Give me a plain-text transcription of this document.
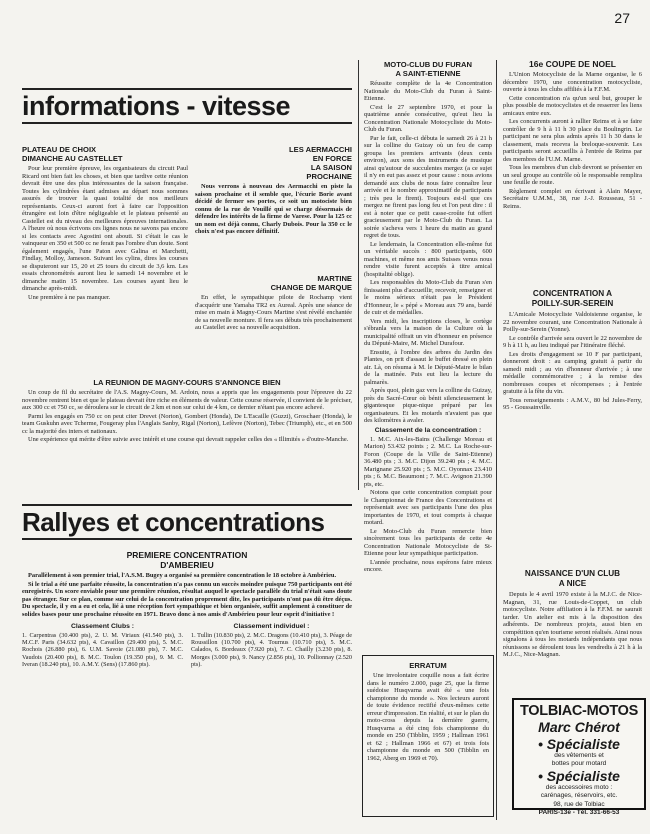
27
informations - vitesse
PLATEAU DE CHOIX
DIMANCHE AU CASTELLET

Pour leur première épreuve, les organisateurs du circuit Paul Ricard ont bien fait les choses, et bien que tardive cette réunion devrait être une des plus intéressantes de la saison française. Toutes les cylindrées étant admises au départ nous sommes assurés de trouver la quasi totalité de nos meilleurs représentants. Ceux-ci auront fort à faire car l'opposition étrangère est loin d'être négligeable et le plateau présenté au Castellet est du niveau des meilleures épreuves internationales. A l'heure où nous écrivons ces lignes nous ne savons pas encore si les contacts avec Agostini ont abouti. Si c'était le cas le vainqueur en 350 et 500 cc ne ferait pas l'ombre d'un doute. Sont également engagés, l'une Paton avec Galina et Marchetti, Findlay, Molloy, Jameson. Suivant les cylins, dires les courses se disputeront sur 15, 20 et 25 tours du circuit de 3,6 km. Les essais chronométrés auront lieu le samedi 14 novembre et le dimanche matin 15 novembre. Les courses ayant lieu le dimanche après-midi.

Une première à ne pas manquer.

LES AERMACCHI
EN FORCE
LA SAISON
PROCHAINE

Nous verrons à nouveau des Aermacchi en piste la saison prochaine et il semble que, l'écurie Borie avant décidé de fermer ses portes, ce soit un motociste bien connu de la rue de Vouillé qui se charge désormais de défendre les intérêts de la firme de Varese. Pour la 125 cc un nom est déjà connu, Charly Dubois. Pour la 350 cc le choix n'est pas encore définitif.

MARTINE
CHANGE DE MARQUE

En effet, le sympathique pilote de Rochamp vient d'acquérir une Yamaha TR2 ex Aureal. Après une séance de mise en main à Magny-Cours Martine s'est révélé enchantée de sa nouvelle monture. Il fera ses débuts très prochainement au Castellet avec sa nouvelle acquisition.

LA REUNION DE MAGNY-COURS S'ANNONCE BIEN

Un coup de fil du secrétaire de l'A.S. Magny-Cours, M. Ardoin, nous a appris que les engagements pour l'épreuve du 22 novembre rentrent bien et que le plateau devrait être riche en éléments de valeur. Cette course réservée, il convient de le préciser, aux 300 cc et 750 cc, se déroulera sur le circuit de 2 km et non sur celui de 4 km, ce dernier n'étant pas encore achevé.

Parmi les engagés en 750 cc on peut citer Drevet (Norton), Gombert (Honda), De L'Escaille (Guzzi), Groschaer (Honda), le team Guskuhn avec Tcherme, Fougeray plus l'Anglais Sanby, Rigal (Norton), Lefèvre (Norton), Tebec (Triumph), etc., et en 500 cc la majorité des inters et nationaux.

Une expérience qui mérite d'être suivie avec intérêt et une course qui devrait rappeler celles des « Illimités » d'outre-Manche.

Rallyes et concentrations
PREMIERE CONCENTRATION
D'AMBERIEU

Parallèlement à son premier trial, l'A.S.M. Bugey a organisé sa première concentration le 18 octobre à Ambérieu.

Si le trial a été une parfaite réussite, la concentration n'a pas connu un succès moindre puisque 750 participants ont été enregistrés. Un score enviable pour une première réunion, résultat auquel le spectacle parallèle du trial n'était sans doute pas étranger. Sur ce plan, comme sur celui de la concentration proprement dite, les participants n'ont pas dû être déçus. Du spectacle, il y en a eu et cela, lié à une réception fort sympathique et bien organisée, suffit amplement à constituer de solides bases pour une prochaine réussite en 1971. Bravo donc à nos amis d'Ambérieu pour leur esprit d'initiative !

Classement Clubs :
1. Carpentras (30.400 pts), 2. U. M. Viriaux (41.540 pts), 3. M.C.F. Paris (34.632 pts), 4. Cavaillon (29.400 pts), 5. M.C. Rochois (26.880 pts), 6. U.M. Savoie (21.080 pts), 7. M.C. Vaudois (20.400 pts), 8. M.C. Toulon (19.350 pts), 9. M. C. Iveran (18.240 pts), 10. A.M.Y. (Sens) (17.860 pts).
Classement individuel :
1. Tullin (10.830 pts), 2. M.C. Dragons (10.410 pts), 3. Péage de Roussillon (10.700 pts), 4. Tournus (10.710 pts), 5. M.C. Calados, 6. Bordeaux (7.920 pts), 7. C. Chailly (3.230 pts), 8. Morges (3.000 pts), 9. Nancy (2.856 pts), 10. Pollionnay (2.520 pts).
MOTO-CLUB DU FURAN
A SAINT-ETIENNE

Réussite complète de la 4e Concentration Nationale du Moto-Club du Furan à Saint-Etienne.

C'est le 27 septembre 1970, et pour la quatrième année consécutive, qu'eut lieu la Concentration Nationale Motocycliste du Moto-Club du Furan.

Par le fait, celle-ci débuta le samedi 26 à 21 h sur la colline du Guizay où un feu de camp groupa les premiers arrivants (deux cents environ), aux sons des instruments de musique ainsi qu'autour de succulentes mergez (a ce sujet il n'y en eut pas assez et pour cause : nous avions demandé aux clubs de nous faire connaître leur arrivée et le nombre approximatif de participants ; très peu le firent). Toujours est-il que ces mergez ne firent pas long feu et l'on peut dire : il est à noter que ce petit casse-croûte fut offert gracieusement par le Moto-Club du Furan. La soirée s'acheva vers 1 heure du matin au grand regret de tous.

Le lendemain, la Concentration elle-même fut un véritable succès : 800 participants, 600 machines, et même nos amis Suisses venus nous rendre visite furent acceptés à titre amical (hospitalité oblige).

Les responsables du Moto-Club du Furan s'en finissaient plus d'accueillir, recevoir, renseigner et le moins sérieux n'était pas le Président d'Honneur, le « pépé » Moreau aux 79 ans, bardé de cuir et de médailles.

Vers midi, les inscriptions closes, le cortège s'ébranla vers la maison de la Culture où la municipalité offrait un vin d'honneur en présence du Député-Maire, M. Michel Durafour.

Ensuite, à l'ombre des arbres du Jardin des Plantes, on prit d'assaut le buffet dressé en plein air. Là, on résuma à M. le Député-Maire le bilan de la matinée. Puis eut lieu la lecture du palmarès.

Après quoi, plein gaz vers la colline du Guizay, près du Sacré-Cœur où bénit silencieusement le gigantesque pique-nique préparé par les organisateurs. Et les motards n'avaient pas que des kilomètres à avaler.

Classement de la concentration :

1. M.C. Aix-les-Bains (Challenge Moreau et Marion) 53.432 points ; 2. M.C. La Roche-sur-Foron (Coupe de la Ville de Saint-Etienne) 36.480 pts ; 3. M.C. Dijon 39.240 pts ; 4. M.C. Marignane 25.920 pts ; 5. M.C. Oyonnax 23.410 pts ; 6. M.C. Beaumont ; 7. M.C. Avignon 21.390 pts, etc.

Notons que cette concentration comptait pour le Championnat de France des Concentrations et représentait avec ses participants l'une des plus importantes de 1970, et tout compris à chaque motard.

Le Moto-Club du Furan remercie bien sincèrement tous les participants de cette 4e Concentration Nationale Motocycliste de St-Etienne pour leur sympathique participation.

L'année prochaine, nous espérons faire mieux encore.

ERRATUM

Une involontaire coquille nous a fait écrire dans le numéro 2.000, page 25, que la firme suédoise Husqvarna avait été « une fois championne du monde ». Nos lecteurs auront de toute évidence rectifié d'eux-mêmes cette erreur d'impression. En réalité, et sur le plan du moto-cross depuis la dernière guerre, Husqvarna a été cinq fois championne du monde en 250 (Tibblin, 1959 ; Hallman 1961 et 62 ; Hallman 1966 et 67) et trois fois championne du monde en 500 (Tibblin en 1962, Aberg en 1969 et 70).

16e COUPE DE NOEL

L'Union Motocycliste de la Marne organise, le 6 décembre 1970, une concentration motocycliste, ouverte à tous les clubs affiliés à la F.F.M.

Cette concentration n'a qu'un seul but, grouper le plus possible de motocyclistes et de resserrer les liens amicaux entre eux.

Les concurrents auront à rallier Reims et à se faire contrôler de 9 h à 11 h 30 place du Boulingrin. Le participant ne sera plus admis après 11 h 30 dans le classement, mais recevra la breloque-souvenir. Les participants seront accueillis à l'entrée de Reims par des membres de l'U.M. Marne.

Tous les membres d'un club devront se présenter en un seul groupe au contrôle où le responsable remplira une feuille de route.

Règlement complet en écrivant à Alain Mayer, Secrétaire U.M.M., 38, rue J.-J. Rousseau, 51 - Reims.

CONCENTRATION A
POILLY-SUR-SEREIN

L'Amicale Motocycliste Valdoisienne organise, le 22 novembre courant, une Concentration Nationale à Poilly-sur-Serein (Yonne).

Le contrôle d'arrivée sera ouvert le 22 novembre de 9 h à 11 h, au lieu indiqué par l'itinéraire fléché.

Les droits d'engagement se 10 F par participant, donneront droit : au camping gratuit à partir du samedi midi ; au vin d'honneur d'arrivée ; à une médaille commémorative ; à la remise des nombreuses coupes et récompenses ; à l'entrée gratuite à la fête du vin.

Tous renseignements : A.M.V., 80 bd Jules-Ferry, 95 - Goussainville.

NAISSANCE D'UN CLUB
A NICE

Depuis le 4 avril 1970 existe à la M.J.C. de Nice-Magnan, 31, rue Louis-de-Coppet, un club motocycliste. Notre affiliation à la F.F.M. ne saurait tarder. Un atelier est mis à la disposition des adhérents. De nombreux projets, aussi bien en compétition qu'en tourisme seront réalisés. Ainsi nous signalons à tous les motards indépendants que nous réunissons se déroulent tous les vendredis à 21 h à la M.J.C., Nice-Magnan.

TOLBIAC-MOTOS
Marc Chérot
• Spécialiste
des vêtements et
bottes pour motard
• Spécialiste
des accessoires moto :
carénages, réservoirs, etc.
98, rue de Tolbiac
PARIS-13e - Tél. 331-66-53
